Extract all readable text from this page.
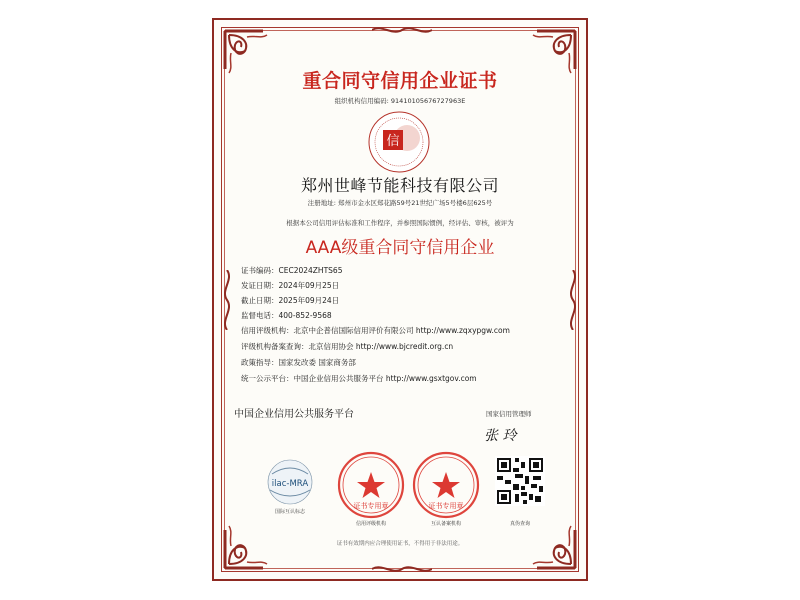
重合同守信用企业证书
组织机构信用编码: 91410105676727963E
信
郑州世峰节能科技有限公司
注册地址: 郑州市金水区郑花路59号21世纪广场5号楼6层625号
根据本公司信用评估标准和工作程序，并参照国际惯例，经评估、审核，被评为
AAA级重合同守信用企业
证书编码：CEC2024ZHTS65
发证日期：2024年09月25日
截止日期：2025年09月24日
监督电话：400-852-9568
信用评级机构：北京中企普信国际信用评价有限公司 http://www.zqxypgw.com
评级机构备案查询：北京信用协会 http://www.bjcredit.org.cn
政策指导：国家发改委 国家商务部
统一公示平台：中国企业信用公共服务平台 http://www.gsxtgov.com
中国企业信用公共服务平台	国家信用管理师
张 玲
ilac-MRA
国际互认标志
证书专用章
信用评级机构
证书专用章
互认备案机构	真伪查询
证书有效期内应合理使用证书，不得用于非法用途。
